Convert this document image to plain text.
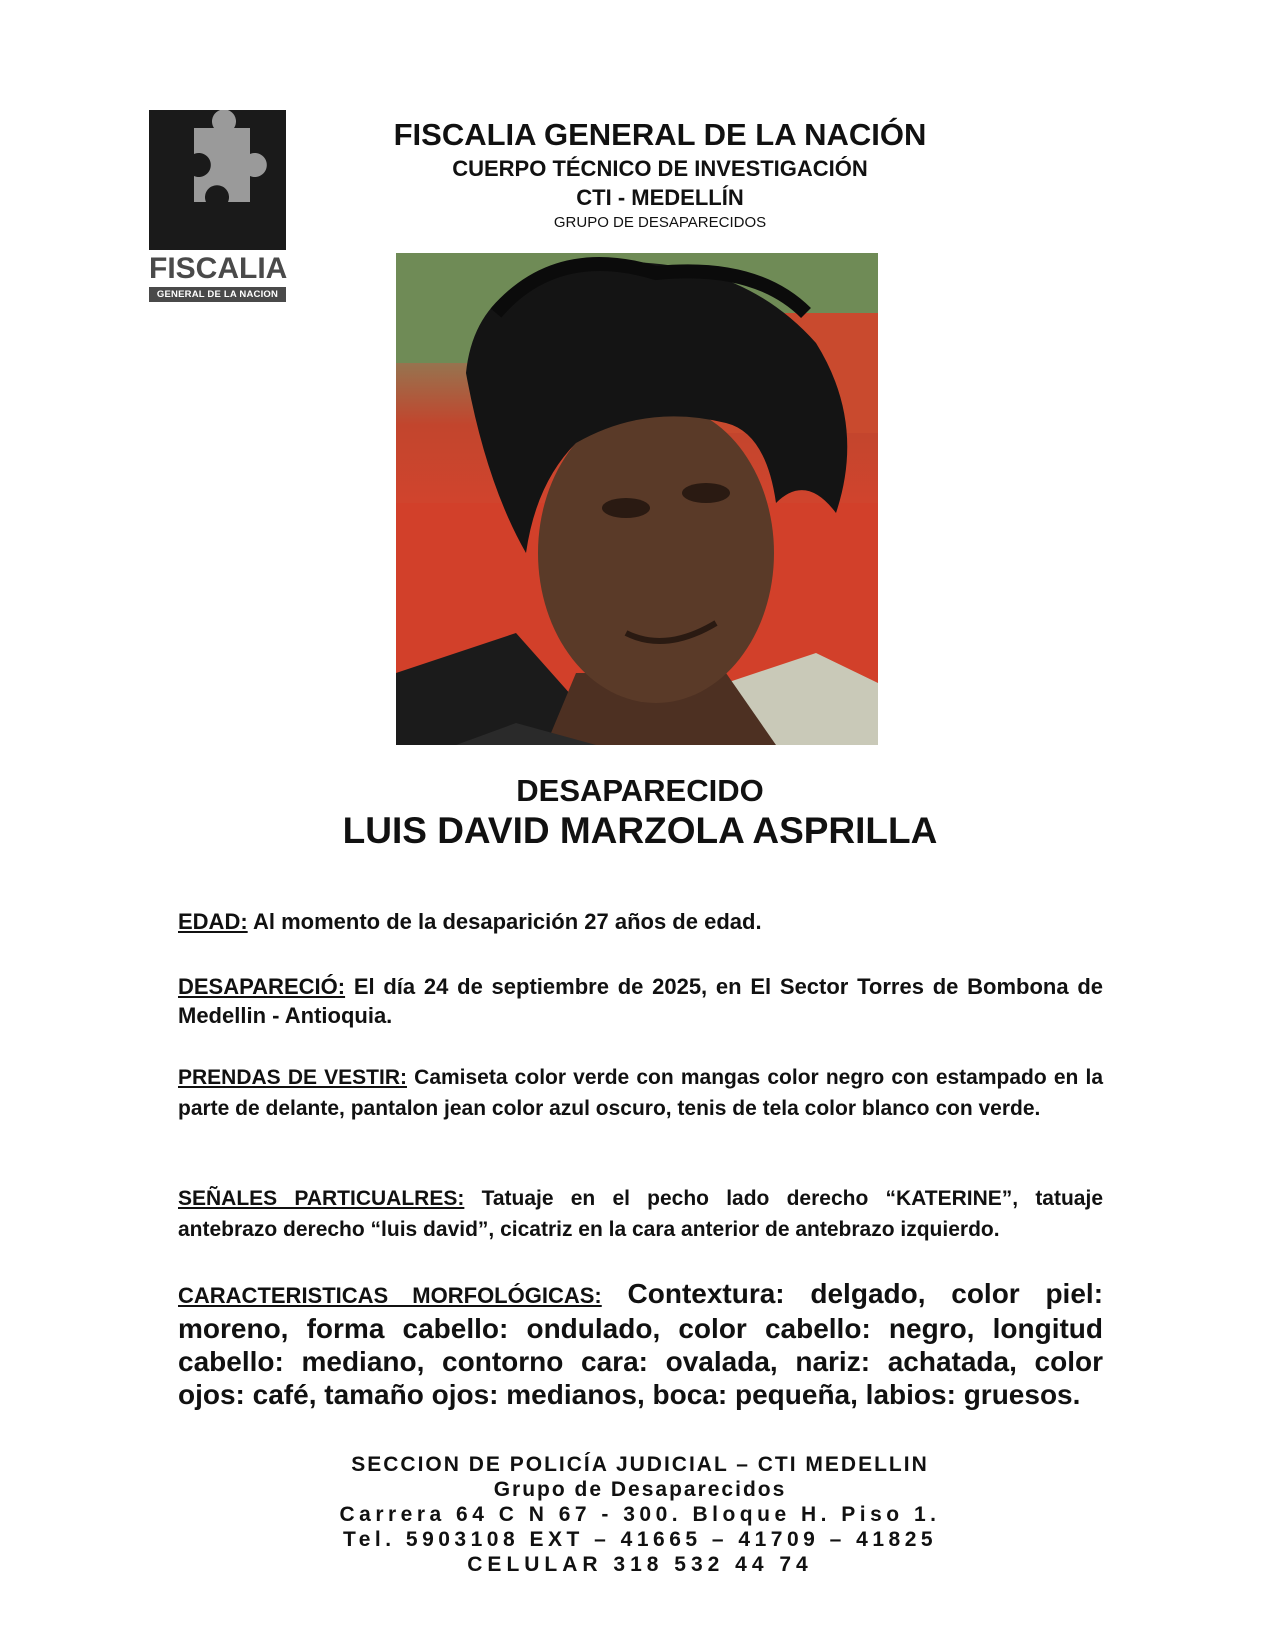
FISCALIA
GENERAL DE LA NACION
FISCALIA GENERAL DE LA NACIÓN
CUERPO TÉCNICO DE INVESTIGACIÓN
CTI - MEDELLÍN
GRUPO DE DESAPARECIDOS
DESAPARECIDO
LUIS DAVID MARZOLA ASPRILLA
EDAD: Al momento de la desaparición 27 años de edad.
DESAPARECIÓ: El día 24 de septiembre de 2025, en El Sector Torres de Bombona de Medellin - Antioquia.
PRENDAS DE VESTIR: Camiseta color verde con mangas color negro con estampado en la parte de delante, pantalon jean color azul oscuro, tenis de tela color blanco con verde.
SEÑALES PARTICUALRES: Tatuaje en el pecho lado derecho “KATERINE”, tatuaje antebrazo derecho “luis david”, cicatriz en la cara anterior de antebrazo izquierdo.
CARACTERISTICAS MORFOLÓGICAS: Contextura: delgado, color piel: moreno, forma cabello: ondulado, color cabello: negro, longitud cabello: mediano, contorno cara: ovalada, nariz: achatada, color ojos: café, tamaño ojos: medianos, boca: pequeña, labios: gruesos.
SECCION DE POLICÍA JUDICIAL – CTI MEDELLIN
Grupo de Desaparecidos
Carrera 64 C N 67 - 300. Bloque H. Piso 1.
Tel. 5903108 EXT – 41665 – 41709 – 41825
CELULAR 318 532 44 74
